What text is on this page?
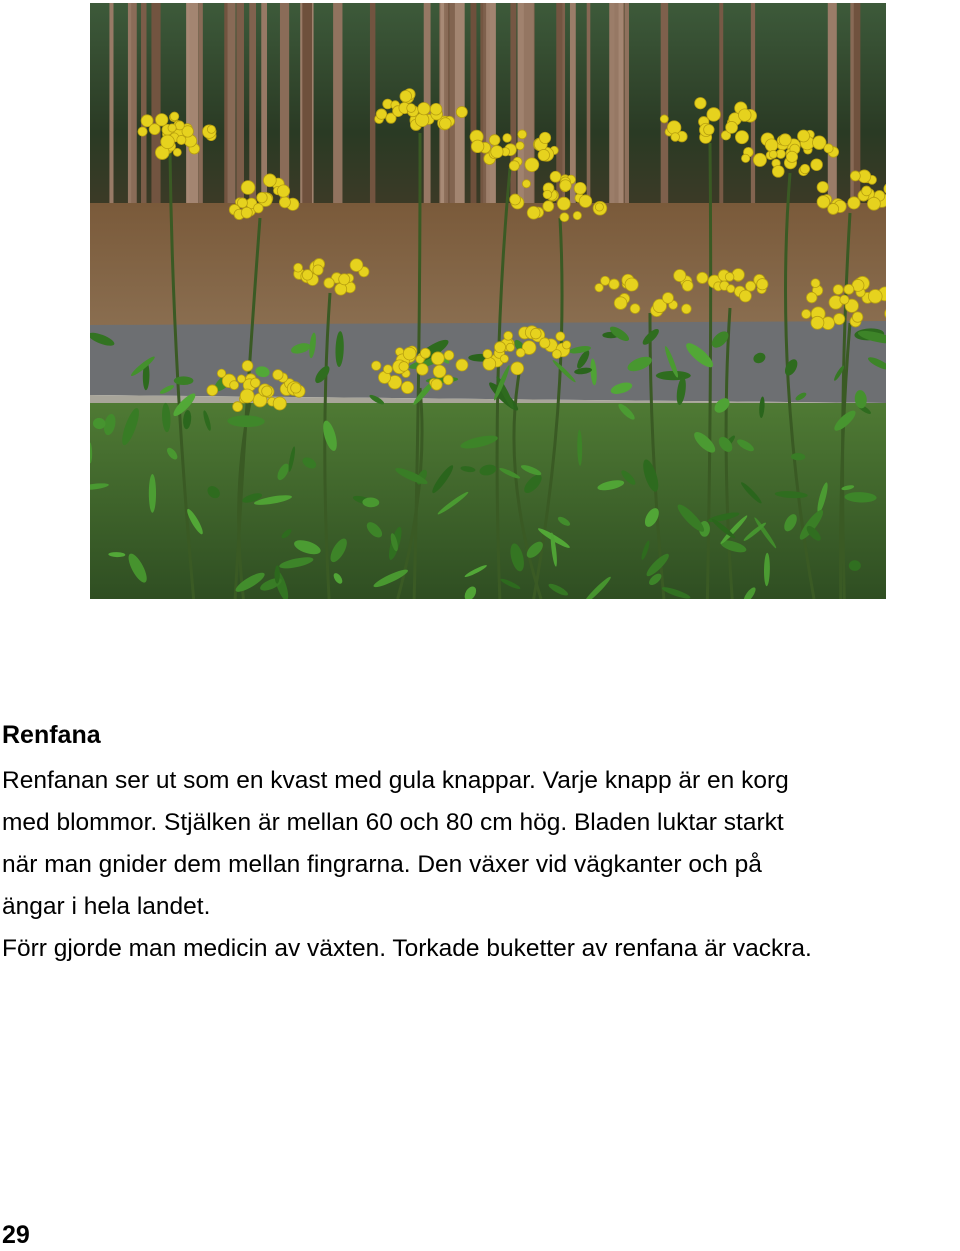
Renfana

Renfanan ser ut som en kvast med gula knappar. Varje knapp är en korg
med blommor. Stjälken är mellan 60 och 80 cm hög. Bladen luktar starkt
när man gnider dem mellan fingrarna. Den växer vid vägkanter och på
ängar i hela landet.
Förr gjorde man medicin av växten. Torkade buketter av renfana är vackra.

29
